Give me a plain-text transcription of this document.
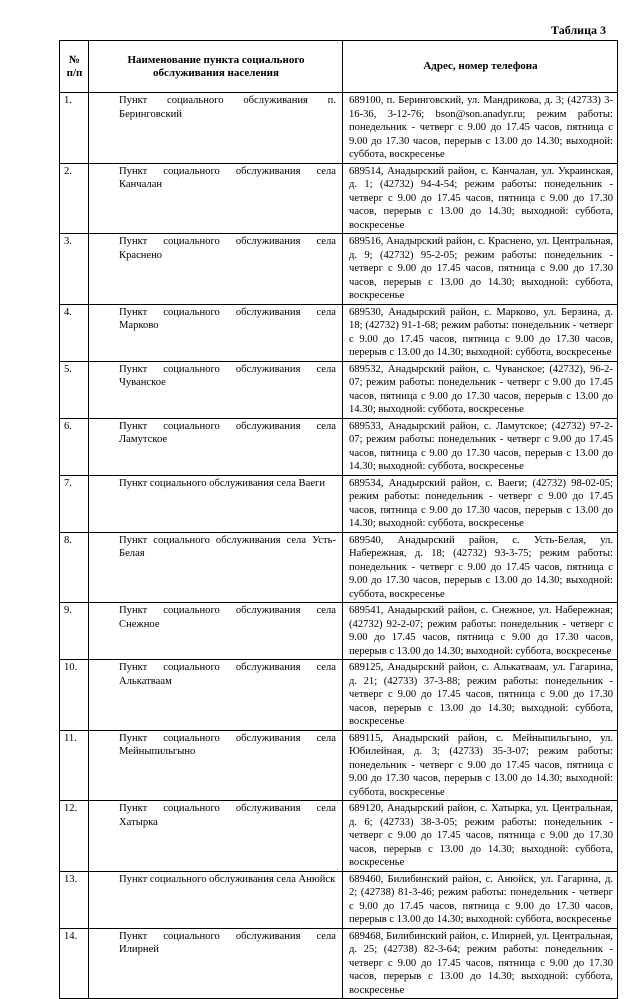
Таблица 3
№ п/п	Наименование пункта социального обслуживания населения	Адрес, номер телефона
1.	Пункт социального обслуживания п. Беринговский	689100, п. Беринговский, ул. Мандрикова, д. 3; (42733) 3-16-36, 3-12-76; bson@son.anadyr.ru; режим работы: понедельник - четверг с 9.00 до 17.45 часов, пятница с 9.00 до 17.30 часов, перерыв с 13.00 до 14.30; выходной: суббота, воскресенье
2.	Пункт социального обслуживания села Канчалан	689514, Анадырский район, с. Канчалан, ул. Украинская, д. 1; (42732) 94-4-54; режим работы: понедельник - четверг с 9.00 до 17.45 часов, пятница с 9.00 до 17.30 часов, перерыв с 13.00 до 14.30; выходной: суббота, воскресенье
3.	Пункт социального обслуживания села Краснено	689516, Анадырский район, с. Краснено, ул. Центральная, д. 9; (42732) 95-2-05; режим работы: понедельник - четверг с 9.00 до 17.45 часов, пятница с 9.00 до 17.30 часов, перерыв с 13.00 до 14.30; выходной: суббота, воскресенье
4.	Пункт социального обслуживания села Марково	689530, Анадырский район, с. Марково, ул. Берзина, д. 18; (42732) 91-1-68; режим работы: понедельник - четверг с 9.00 до 17.45 часов, пятница с 9.00 до 17.30 часов, перерыв с 13.00 до 14.30; выходной: суббота, воскресенье
5.	Пункт социального обслуживания села Чуванское	689532, Анадырский район, с. Чуванское; (42732), 96-2-07; режим работы: понедельник - четверг с 9.00 до 17.45 часов, пятница с 9.00 до 17.30 часов, перерыв с 13.00 до 14.30; выходной: суббота, воскресенье
6.	Пункт социального обслуживания села Ламутское	689533, Анадырский район, с. Ламутское; (42732) 97-2-07; режим работы: понедельник - четверг с 9.00 до 17.45 часов, пятница с 9.00 до 17.30 часов, перерыв с 13.00 до 14.30; выходной: суббота, воскресенье
7.	Пункт социального обслуживания села Ваеги	689534, Анадырский район, с. Ваеги; (42732) 98-02-05; режим работы: понедельник - четверг с 9.00 до 17.45 часов, пятница с 9.00 до 17.30 часов, перерыв с 13.00 до 14.30; выходной: суббота, воскресенье
8.	Пункт социального обслуживания села Усть-Белая	689540, Анадырский район, с. Усть-Белая, ул. Набережная, д. 18; (42732) 93-3-75; режим работы: понедельник - четверг с 9.00 до 17.45 часов, пятница с 9.00 до 17.30 часов, перерыв с 13.00 до 14.30; выходной: суббота, воскресенье
9.	Пункт социального обслуживания села Снежное	689541, Анадырский район, с. Снежное, ул. Набережная; (42732) 92-2-07; режим работы: понедельник - четверг с 9.00 до 17.45 часов, пятница с 9.00 до 17.30 часов, перерыв с 13.00 до 14.30; выходной: суббота, воскресенье
10.	Пункт социального обслуживания села Алькатваам	689125, Анадырский район, с. Алькатваам, ул. Гагарина, д. 21; (42733) 37-3-88; режим работы: понедельник - четверг с 9.00 до 17.45 часов, пятница с 9.00 до 17.30 часов, перерыв с 13.00 до 14.30; выходной: суббота, воскресенье
11.	Пункт социального обслуживания села Мейныпильгыно	689115, Анадырский район, с. Мейныпильгыно, ул. Юбилейная, д. 3; (42733) 35-3-07; режим работы: понедельник - четверг с 9.00 до 17.45 часов, пятница с 9.00 до 17.30 часов, перерыв с 13.00 до 14.30; выходной: суббота, воскресенье
12.	Пункт социального обслуживания села Хатырка	689120, Анадырский район, с. Хатырка, ул. Центральная, д. 6; (42733) 38-3-05; режим работы: понедельник - четверг с 9.00 до 17.45 часов, пятница с 9.00 до 17.30 часов, перерыв с 13.00 до 14.30; выходной: суббота, воскресенье
13.	Пункт социального обслуживания села Анюйск	689460, Билибинский район, с. Анюйск, ул. Гагарина, д. 2; (42738) 81-3-46; режим работы: понедельник - четверг с 9.00 до 17.45 часов, пятница с 9.00 до 17.30 часов, перерыв с 13.00 до 14.30; выходной: суббота, воскресенье
14.	Пункт социального обслуживания села Илирней	689468, Билибинский район, с. Илирней, ул. Центральная, д. 25; (42738) 82-3-64; режим работы: понедельник - четверг с 9.00 до 17.45 часов, пятница с 9.00 до 17.30 часов, перерыв с 13.00 до 14.30; выходной: суббота, воскресенье
